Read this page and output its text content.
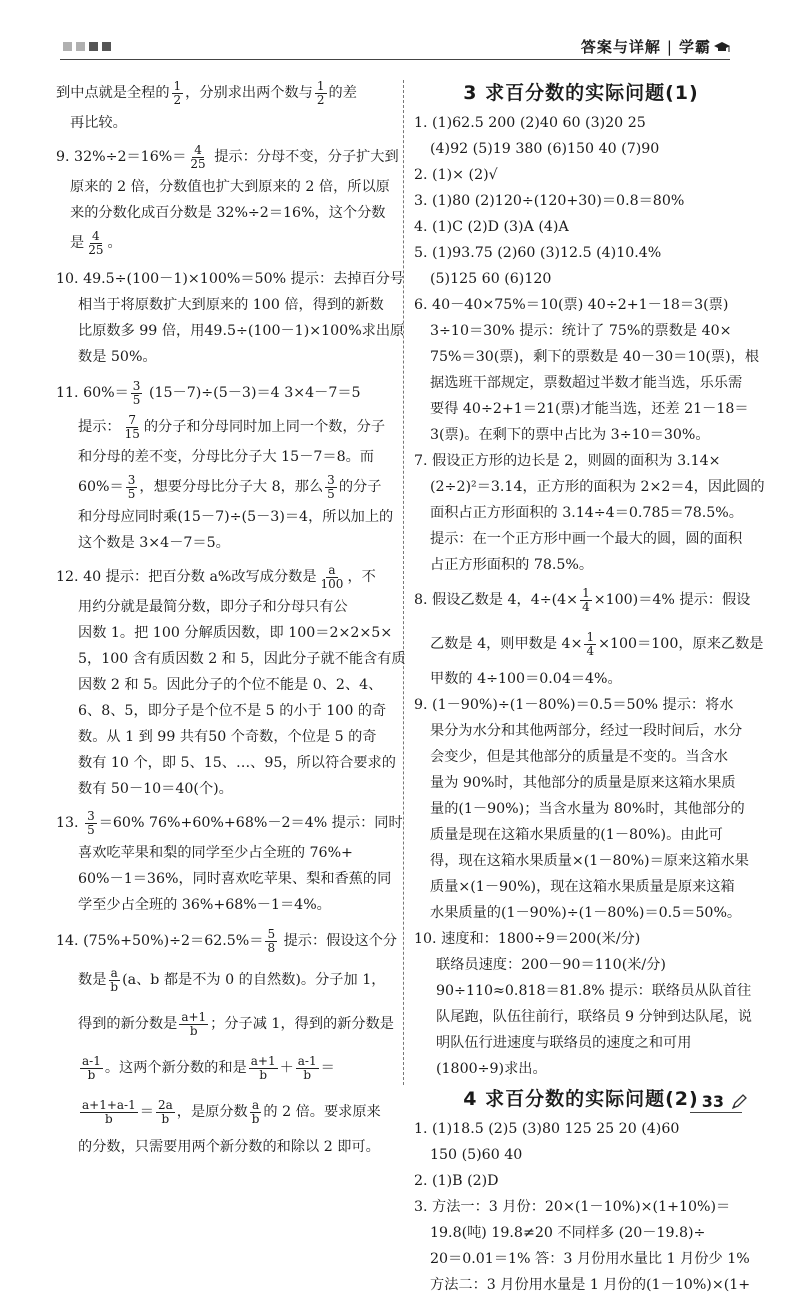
答案与详解 | 学霸
到中点就是全程的 $\frac{1}{2}$ ，分别求出两个数与 $\frac{1}{2}$ 的差
再比较。
9. $32\%\div 2=16\%= \frac{4}{25}$ 提示：分母不变，分子扩大到
原来的 2 倍，分数值也扩大到原来的 2 倍，所以原
来的分数化成百分数是 32%÷2＝16%，这个分数
是 $\frac{4}{25}$ 。
10. 49.5÷(100－1)×100%＝50% 提示：去掉百分号
相当于将原数扩大到原来的 100 倍，得到的新数
比原数多 99 倍，用49.5÷(100－1)×100%求出原
数是 50%。
11. $60\%= \frac{3}{5} (15-7)\div(5-3)=4$ 3×4－7＝5
提示： $\frac{7}{15}$ 的分子和分母同时加上同一个数，分子
和分母的差不变，分母比分子大 15－7＝8。而
$60\%= \frac{3}{5}$ ，想要分母比分子大 8，那么 $\frac{3}{5}$ 的分子
和分母应同时乘(15－7)÷(5－3)＝4，所以加上的
这个数是 3×4－7＝5。
12. 40 提示：把百分数 a%改写成分数是 $\frac{a}{100}$ ，不
用约分就是最简分数，即分子和分母只有公
因数 1。把 100 分解质因数，即 100＝2×2×5×
5，100 含有质因数 2 和 5，因此分子就不能含有质
因数 2 和 5。因此分子的个位不能是 0、2、4、
6、8、5，即分子是个位不是 5 的小于 100 的奇
数。从 1 到 99 共有50 个奇数，个位是 5 的奇
数有 10 个，即 5、15、…、95，所以符合要求的
数有 50－10＝40(个)。
13. $\frac{3}{5} =60\%$ 76%+60%+68%－2＝4% 提示：同时
喜欢吃苹果和梨的同学至少占全班的 76%+
60%－1＝36%，同时喜欢吃苹果、梨和香蕉的同
学至少占全班的 36%+68%－1＝4%。
14. $(75\%+50\%)\div 2=62.5\%= \frac{5}{8}$ 提示：假设这个分
数是 $\frac{a}{b} (a$、b 都是不为 0 的自然数)。分子加 1，
得到的新分数是 $\frac{a+1}{b}$ ；分子减 1，得到的新分数是
$\frac{a-1}{b}$ 。这两个新分数的和是 $\frac{a+1}{b} + \frac{a-1}{b}$ ＝
$\frac{a+1+a-1}{b} = \frac{2a}{b}$ ，是原分数 $\frac{a}{b}$ 的 2 倍。要求原来
的分数，只需要用两个新分数的和除以 2 即可。
3 求百分数的实际问题(1)
1. (1)62.5 200 (2)40 60 (3)20 25
(4)92 (5)19 380 (6)150 40 (7)90
2. (1)× (2)√
3. (1)80 (2)120÷(120+30)＝0.8＝80%
4. (1)C (2)D (3)A (4)A
5. (1)93.75 (2)60 (3)12.5 (4)10.4%
(5)125 60 (6)120
6. 40－40×75%＝10(票) 40÷2+1－18＝3(票)
3÷10＝30% 提示：统计了 75%的票数是 40×
75%＝30(票)，剩下的票数是 40－30＝10(票)，根
据选班干部规定，票数超过半数才能当选，乐乐需
要得 40÷2+1＝21(票)才能当选，还差 21－18＝
3(票)。在剩下的票中占比为 3÷10＝30%。
7. 假设正方形的边长是 2，则圆的面积为 3.14×
(2÷2)²＝3.14，正方形的面积为 2×2＝4，因此圆的
面积占正方形面积的 3.14÷4＝0.785＝78.5%。
提示：在一个正方形中画一个最大的圆，圆的面积
占正方形面积的 78.5%。
8. 假设乙数是 4，$4\div(4\times \frac{1}{4} \times 100)=4\%$ 提示：假设
乙数是 4，则甲数是 $4\times \frac{1}{4} \times 100=100$，原来乙数是
甲数的 4÷100＝0.04＝4%。
9. (1－90%)÷(1－80%)＝0.5＝50% 提示：将水
果分为水分和其他两部分，经过一段时间后，水分
会变少，但是其他部分的质量是不变的。当含水
量为 90%时，其他部分的质量是原来这箱水果质
量的(1－90%)；当含水量为 80%时，其他部分的
质量是现在这箱水果质量的(1－80%)。由此可
得，现在这箱水果质量×(1－80%)＝原来这箱水果
质量×(1－90%)，现在这箱水果质量是原来这箱
水果质量的(1－90%)÷(1－80%)＝0.5＝50%。
10. 速度和：1800÷9＝200(米/分)
联络员速度：200－90＝110(米/分)
90÷110≈0.818＝81.8% 提示：联络员从队首往
队尾跑，队伍往前行，联络员 9 分钟到达队尾，说
明队伍行进速度与联络员的速度之和可用
(1800÷9)求出。
4 求百分数的实际问题(2)
1. (1)18.5 (2)5 (3)80 125 25 20 (4)60
150 (5)60 40
2. (1)B (2)D
3. 方法一：3 月份：20×(1－10%)×(1+10%)＝
19.8(吨) 19.8≠20 不同样多 (20－19.8)÷
20＝0.01＝1% 答：3 月份用水量比 1 月份少 1%
方法二：3 月份用水量是 1 月份的(1－10%)×(1+
33
